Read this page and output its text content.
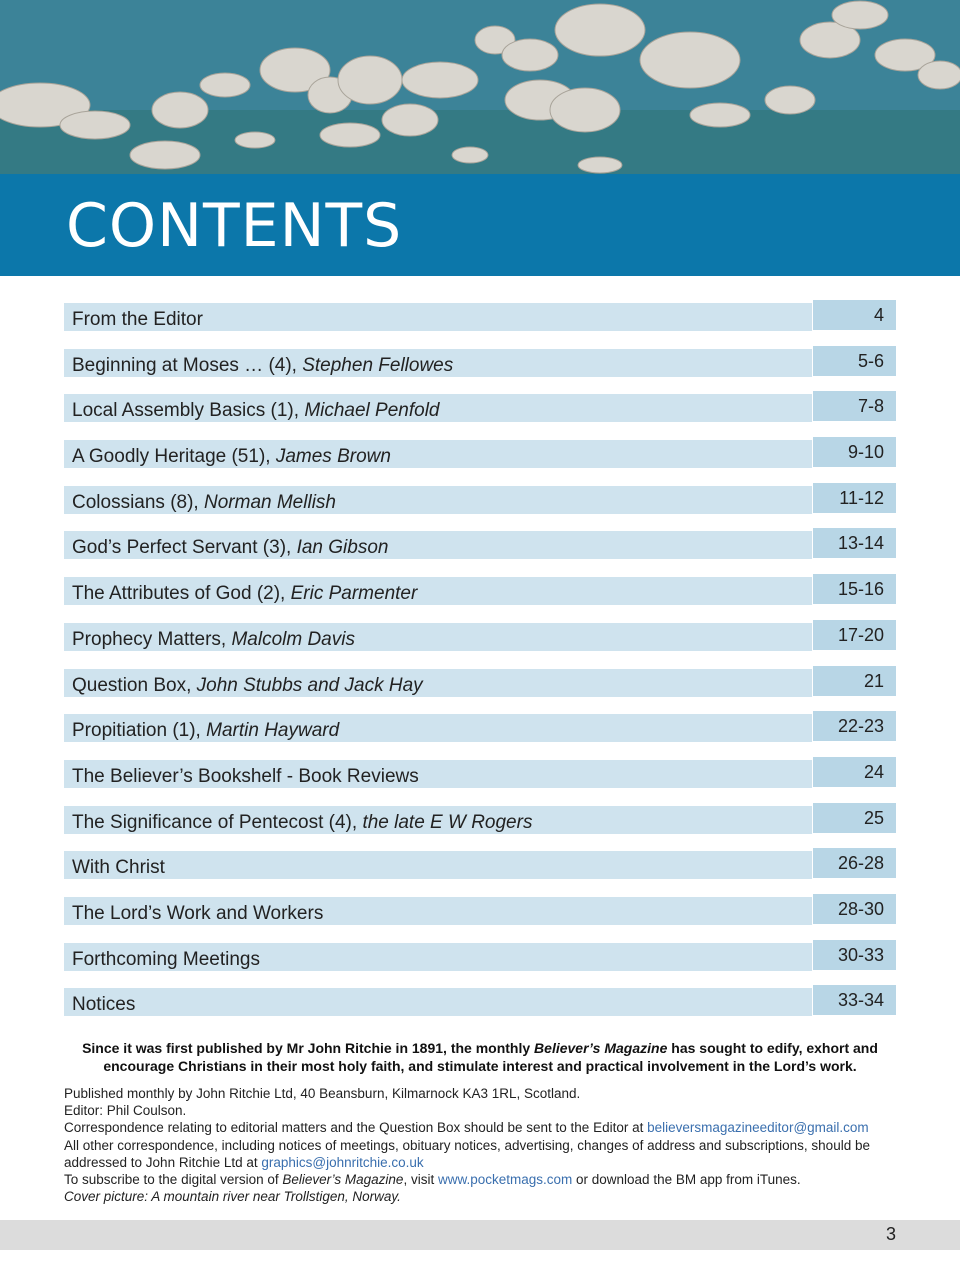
CONTENTS
From the Editor	4
Beginning at Moses … (4), Stephen Fellowes	5-6
Local Assembly Basics (1), Michael Penfold	7-8
A Goodly Heritage (51), James Brown	9-10
Colossians (8), Norman Mellish	11-12
God’s Perfect Servant (3), Ian Gibson	13-14
The Attributes of God (2), Eric Parmenter	15-16
Prophecy Matters, Malcolm Davis	17-20
Question Box, John Stubbs and Jack Hay	21
Propitiation (1), Martin Hayward	22-23
The Believer’s Bookshelf - Book Reviews	24
The Significance of Pentecost (4), the late E W Rogers	25
With Christ	26-28
The Lord’s Work and Workers	28-30
Forthcoming Meetings	30-33
Notices	33-34
Since it was first published by Mr John Ritchie in 1891, the monthly Believer’s Magazine has sought to edify, exhort and encourage Christians in their most holy faith, and stimulate interest and practical involvement in the Lord’s work.

Published monthly by John Ritchie Ltd, 40 Beansburn, Kilmarnock KA3 1RL, Scotland.

Editor: Phil Coulson.

Correspondence relating to editorial matters and the Question Box should be sent to the Editor at believersmagazineeditor@gmail.com

All other correspondence, including notices of meetings, obituary notices, advertising, changes of address and subscriptions, should be addressed to John Ritchie Ltd at graphics@johnritchie.co.uk

To subscribe to the digital version of Believer’s Magazine, visit www.pocketmags.com or download the BM app from iTunes.

Cover picture: A mountain river near Trollstigen, Norway.

3
